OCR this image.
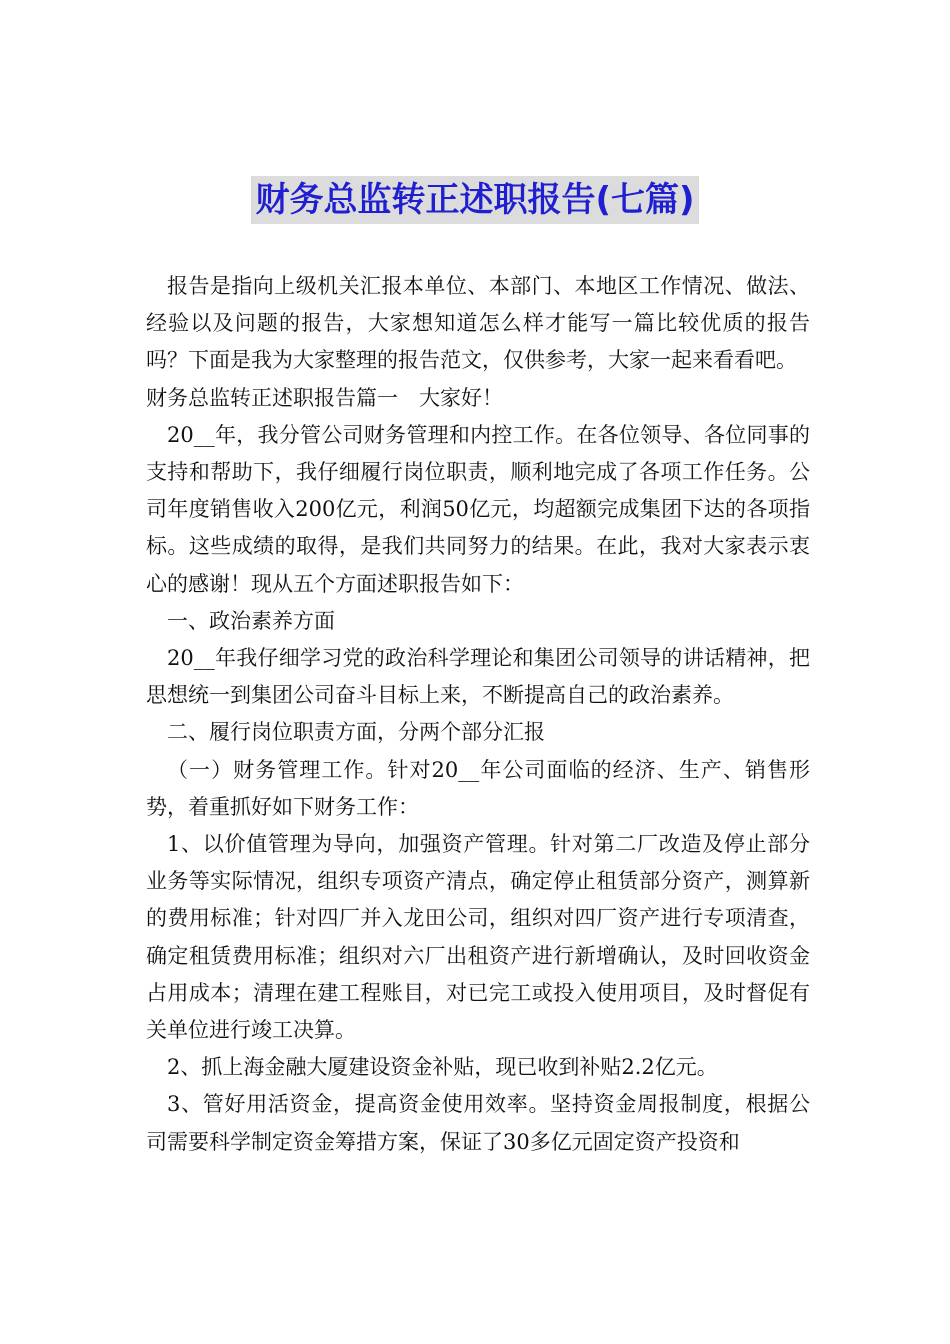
财务总监转正述职报告(七篇)

报告是指向上级机关汇报本单位、本部门、本地区工作情况、做法、经验以及问题的报告，大家想知道怎么样才能写一篇比较优质的报告吗？下面是我为大家整理的报告范文，仅供参考，大家一起来看看吧。

财务总监转正述职报告篇一　大家好！

20__年，我分管公司财务管理和内控工作。在各位领导、各位同事的支持和帮助下，我仔细履行岗位职责，顺利地完成了各项工作任务。公司年度销售收入200亿元，利润50亿元，均超额完成集团下达的各项指标。这些成绩的取得，是我们共同努力的结果。在此，我对大家表示衷心的感谢！现从五个方面述职报告如下：

一、政治素养方面

20__年我仔细学习党的政治科学理论和集团公司领导的讲话精神，把思想统一到集团公司奋斗目标上来，不断提高自己的政治素养。

二、履行岗位职责方面，分两个部分汇报

（一）财务管理工作。针对20__年公司面临的经济、生产、销售形势，着重抓好如下财务工作：

1、以价值管理为导向，加强资产管理。针对第二厂改造及停止部分业务等实际情况，组织专项资产清点，确定停止租赁部分资产，测算新的费用标准；针对四厂并入龙田公司，组织对四厂资产进行专项清查，确定租赁费用标准；组织对六厂出租资产进行新增确认，及时回收资金占用成本；清理在建工程账目，对已完工或投入使用项目，及时督促有关单位进行竣工决算。

2、抓上海金融大厦建设资金补贴，现已收到补贴2.2亿元。

3、管好用活资金，提高资金使用效率。坚持资金周报制度，根据公司需要科学制定资金筹措方案，保证了30多亿元固定资产投资和
